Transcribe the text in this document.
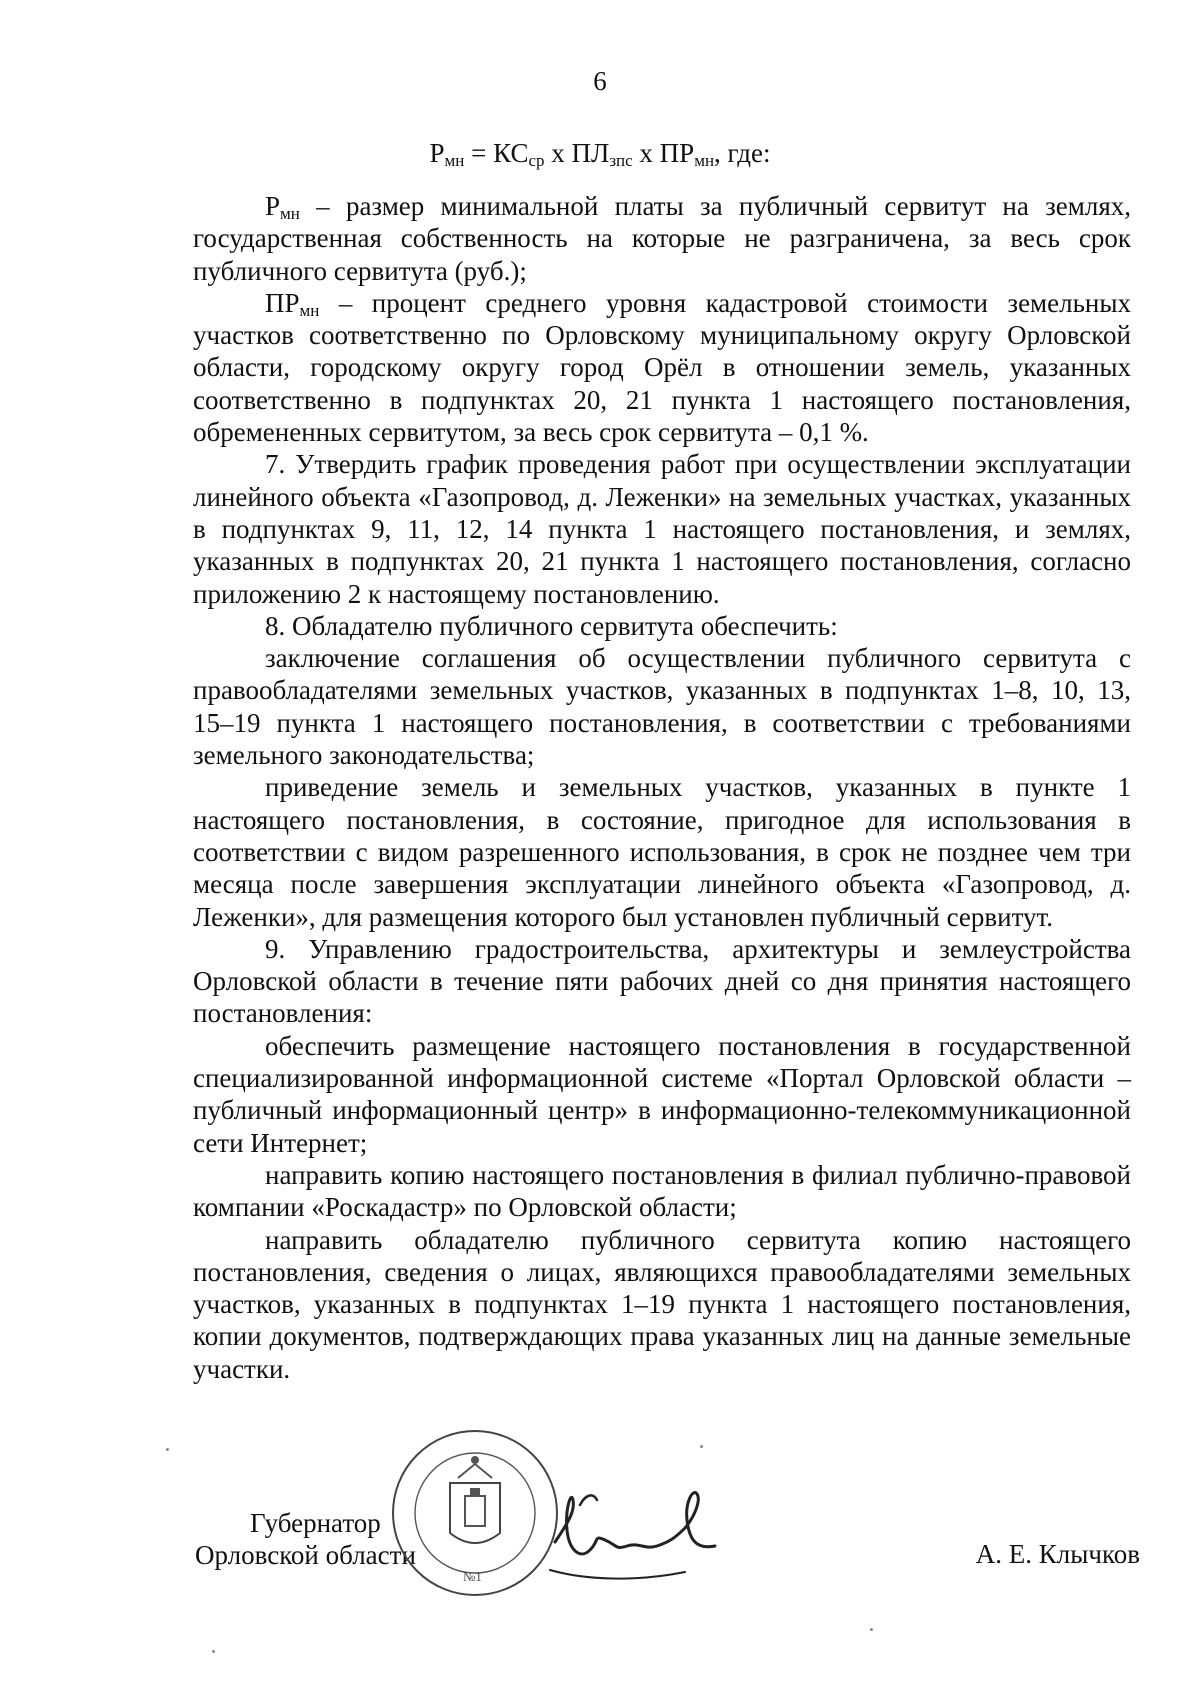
6
$Р_{мн} = КС_{ср}$ х $ПЛ_{зпс}$ х $ПР_{мн}$, где:

$Р_{мн}$ – размер минимальной платы за публичный сервитут на землях, государственная собственность на которые не разграничена, за весь срок публичного сервитута (руб.);

$ПР_{мн}$ – процент среднего уровня кадастровой стоимости земельных участков соответственно по Орловскому муниципальному округу Орловской области, городскому округу город Орёл в отношении земель, указанных соответственно в подпунктах 20, 21 пункта 1 настоящего постановления, обремененных сервитутом, за весь срок сервитута – 0,1 %.

7. Утвердить график проведения работ при осуществлении эксплуатации линейного объекта «Газопровод, д. Леженки» на земельных участках, указанных в подпунктах 9, 11, 12, 14 пункта 1 настоящего постановления, и землях, указанных в подпунктах 20, 21 пункта 1 настоящего постановления, согласно приложению 2 к настоящему постановлению.

8. Обладателю публичного сервитута обеспечить:

заключение соглашения об осуществлении публичного сервитута с правообладателями земельных участков, указанных в подпунктах 1–8, 10, 13, 15–19 пункта 1 настоящего постановления, в соответствии с требованиями земельного законодательства;

приведение земель и земельных участков, указанных в пункте 1 настоящего постановления, в состояние, пригодное для использования в соответствии с видом разрешенного использования, в срок не позднее чем три месяца после завершения эксплуатации линейного объекта «Газопровод, д. Леженки», для размещения которого был установлен публичный сервитут.

9. Управлению градостроительства, архитектуры и землеустройства Орловской области в течение пяти рабочих дней со дня принятия настоящего постановления:

обеспечить размещение настоящего постановления в государственной специализированной информационной системе «Портал Орловской области – публичный информационный центр» в информационно-телекоммуникационной сети Интернет;

направить копию настоящего постановления в филиал публично-правовой компании «Роскадастр» по Орловской области;

направить обладателю публичного сервитута копию настоящего постановления, сведения о лицах, являющихся правообладателями земельных участков, указанных в подпунктах 1–19 пункта 1 настоящего постановления, копии документов, подтверждающих права указанных лиц на данные земельные участки.

Губернатор
Орловской области
№1
А. Е. Клычков
